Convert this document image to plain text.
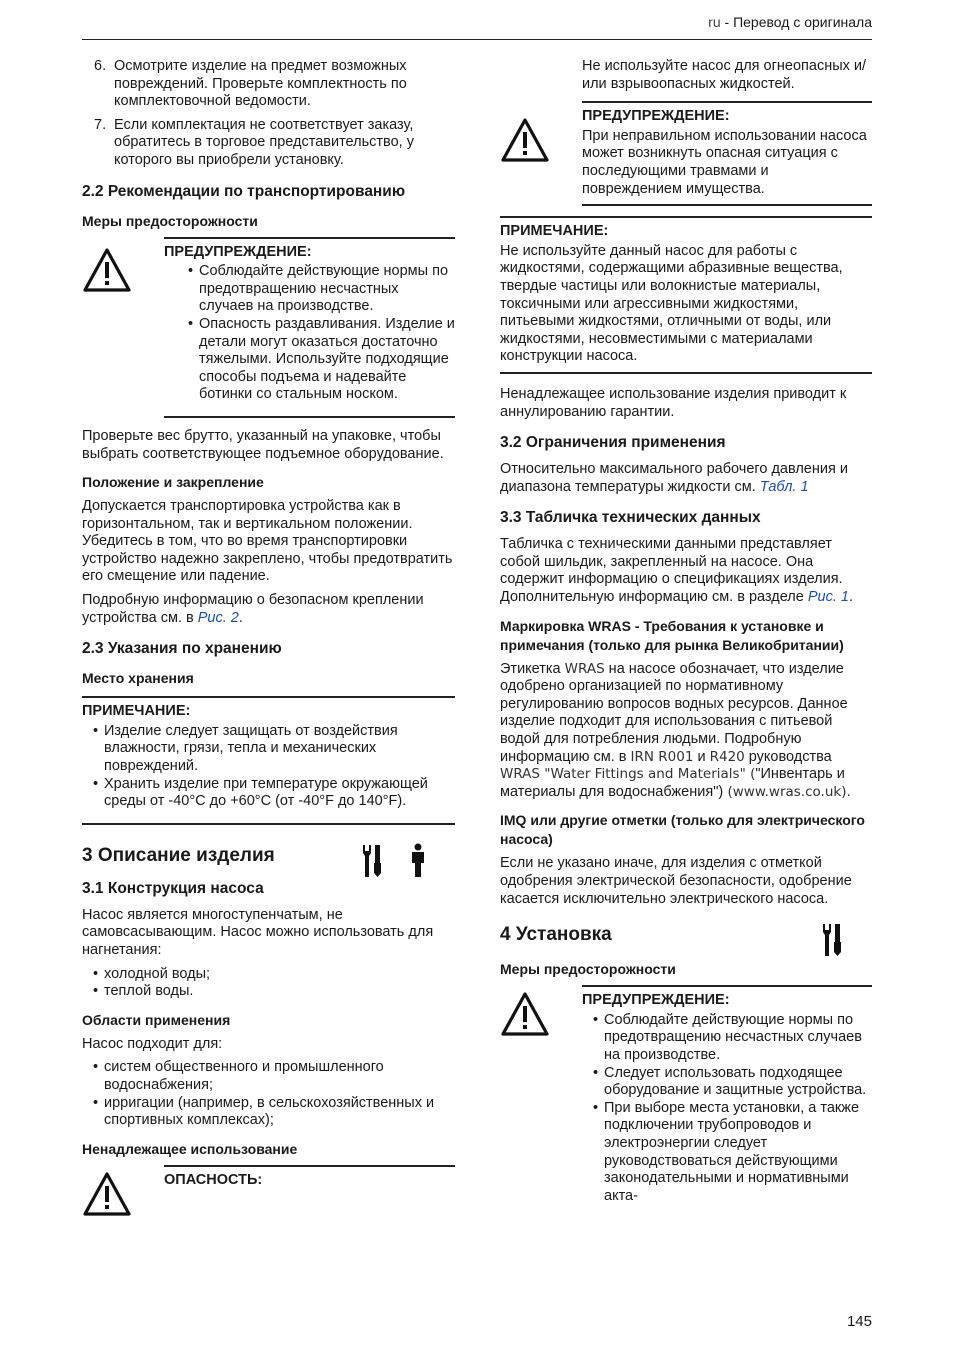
ru - Перевод с оригинала
6. Осмотрите изделие на предмет возможных повреждений. Проверьте комплектность по комплектовочной ведомости.
7. Если комплектация не соответствует заказу, обратитесь в торговое представительство, у которого вы приобрели установку.
2.2 Рекомендации по транспортированию
Меры предосторожности
ПРЕДУПРЕЖДЕНИЕ:
• Соблюдайте действующие нормы по предотвращению несчастных случаев на производстве.
• Опасность раздавливания. Изделие и детали могут оказаться достаточно тяжелыми. Используйте подходящие способы подъема и надевайте ботинки со стальным носком.

Проверьте вес брутто, указанный на упаковке, чтобы выбрать соответствующее подъемное оборудование.

Положение и закрепление

Допускается транспортировка устройства как в горизонтальном, так и вертикальном положении. Убедитесь в том, что во время транспортировки устройство надежно закреплено, чтобы предотвратить его смещение или падение.

Подробную информацию о безопасном креплении устройства см. в Рис. 2.

2.3 Указания по хранению
Место хранения
ПРИМЕЧАНИЕ:
• Изделие следует защищать от воздействия влажности, грязи, тепла и механических повреждений.
• Хранить изделие при температуре окружающей среды от -40°C до +60°C (от -40°F до 140°F).
3 Описание изделия
3.1 Конструкция насоса

Насос является многоступенчатым, не самовсасывающим. Насос можно использовать для нагнетания:

• холодной воды;
• теплой воды.
Области применения

Насос подходит для:

• систем общественного и промышленного водоснабжения;
• ирригации (например, в сельскохозяйственных и спортивных комплексах);
Ненадлежащее использование
ОПАСНОСТЬ:

Не используйте насос для огнеопасных и/или взрывоопасных жидкостей.

ПРЕДУПРЕЖДЕНИЕ:
При неправильном использовании насоса может возникнуть опасная ситуация с последующими травмами и повреждением имущества.
ПРИМЕЧАНИЕ:
Не используйте данный насос для работы с жидкостями, содержащими абразивные вещества, твердые частицы или волокнистые материалы, токсичными или агрессивными жидкостями, питьевыми жидкостями, отличными от воды, или жидкостями, несовместимыми с материалами конструкции насоса.

Ненадлежащее использование изделия приводит к аннулированию гарантии.

3.2 Ограничения применения

Относительно максимального рабочего давления и диапазона температуры жидкости см. Табл. 1

3.3 Табличка технических данных

Табличка с техническими данными представляет собой шильдик, закрепленный на насосе. Она содержит информацию о спецификациях изделия. Дополнительную информацию см. в разделе Рис. 1.

Маркировка WRAS - Требования к установке и примечания (только для рынка Великобритании)

Этикетка WRAS на насосе обозначает, что изделие одобрено организацией по нормативному регулированию вопросов водных ресурсов. Данное изделие подходит для использования с питьевой водой для потребления людьми. Подробную информацию см. в IRN R001 и R420 руководства WRAS "Water Fittings and Materials" ("Инвентарь и материалы для водоснабжения") (www.wras.co.uk).

IMQ или другие отметки (только для электрического насоса)

Если не указано иначе, для изделия с отметкой одобрения электрической безопасности, одобрение касается исключительно электрического насоса.

4 Установка
Меры предосторожности
ПРЕДУПРЕЖДЕНИЕ:
• Соблюдайте действующие нормы по предотвращению несчастных случаев на производстве.
• Следует использовать подходящее оборудование и защитные устройства.
• При выборе места установки, а также подключении трубопроводов и электроэнергии следует руководствоваться действующими законодательными и нормативными акта-
145
